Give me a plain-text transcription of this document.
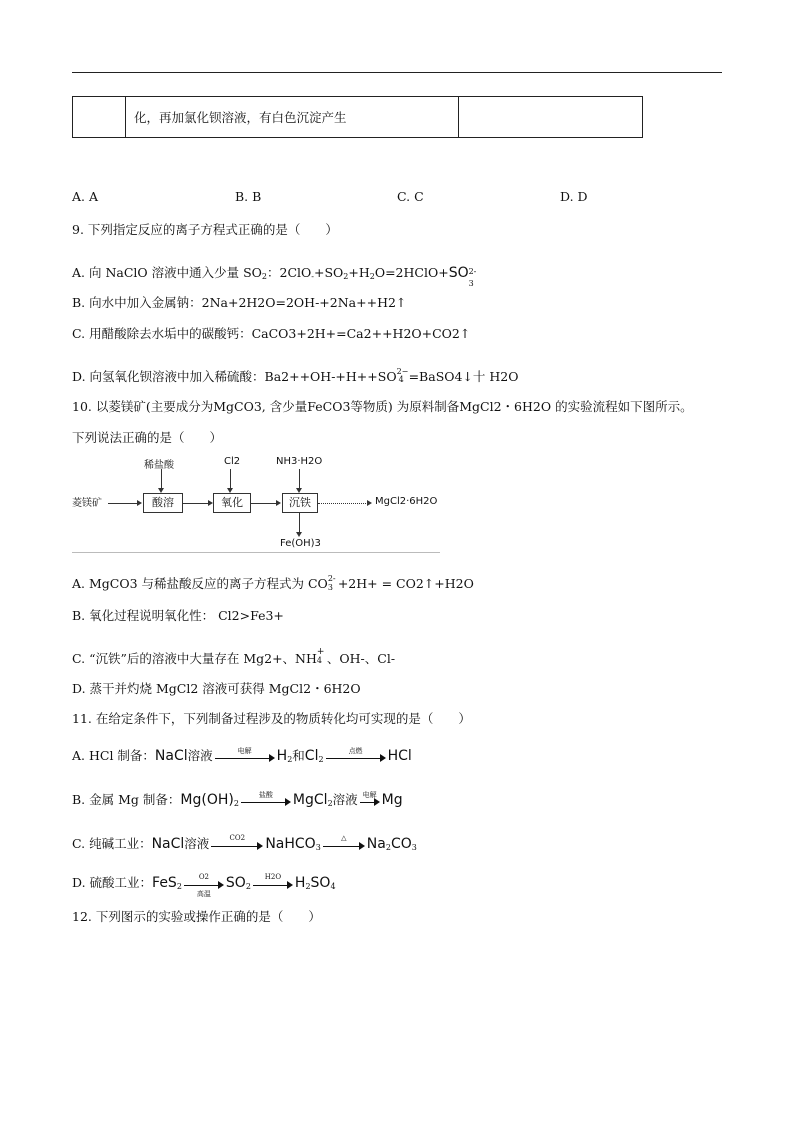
	化，再加氯化钡溶液，有白色沉淀产生	
A. A	B. B	C. C	D. D
9. 下列指定反应的离子方程式正确的是（　　）
A. 向 NaClO 溶液中通入少量 $SO_2$：$2ClO_-+SO_2+H_2O=2HClO+SO$ 2-
3
B. 向水中加入金属钠：2Na+2H2O=2OH-+2Na++H2↑
C. 用醋酸除去水垢中的碳酸钙：CaCO3+2H+=Ca2++H2O+CO2↑
D. 向氢氧化钡溶液中加入稀硫酸：Ba2++OH-+H++SO 2−
4 =BaSO4↓十 H2O
10. 以菱镁矿(主要成分为MgCO3, 含少量FeCO3等物质) 为原料制备MgCl2・6H2O 的实验流程如下图所示。
下列说法正确的是（　　）
稀盐酸	Cl2	NH3·H2O
菱镁矿	酸溶	氧化	沉铁	MgCl2·6H2O
Fe(OH)3
A. MgCO3 与稀盐酸反应的离子方程式为 CO 2-
3 +2H+ = CO2↑+H2O
B. 氧化过程说明氧化性： Cl2>Fe3+
C. “沉铁”后的溶液中大量存在 Mg2+、NH +
4 、OH-、Cl-
D. 蒸干并灼烧 MgCl2 溶液可获得 MgCl2・6H2O
11. 在给定条件下，下列制备过程涉及的物质转化均可实现的是（　　）
A. HCl 制备：NaCl溶液	电解	$H_2$和$Cl_2$
点燃	HCl
B. 金属 Mg 制备：$Mg(OH)_2$
盐酸	MgCl$_2$溶液 电解 Mg
C. 纯碱工业：NaCl溶液	CO2	NaHCO$_3$
△	$Na_2CO_3$
D. 硫酸工业：FeS$_2$
O2
高温
$SO_2$
H2O $H_2SO_4$
12. 下列图示的实验或操作正确的是（　　）
